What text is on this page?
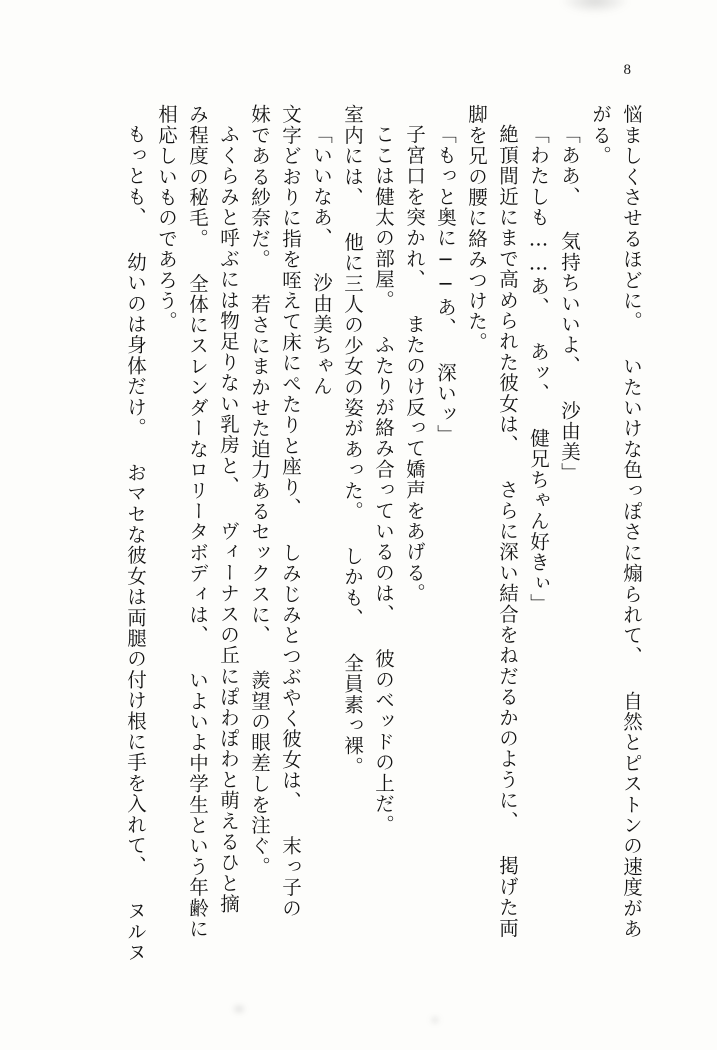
8
悩ましくさせるほどに。 いたいけな色っぽさに煽られて、 自然とピストンの速度があ
がる。
「ああ、 気持ちいいよ、 沙由美」
「わたしも……あ、 あッ、 健兄ちゃん好きぃ」
絶頂間近にまで高められた彼女は、 さらに深い結合をねだるかのように、 掲げた両
脚を兄の腰に絡みつけた。
「もっと奥に──あ、 深いッ」
子宮口を突かれ、 またのけ反って嬌声をあげる。
ここは健太の部屋。 ふたりが絡み合っているのは、 彼のベッドの上だ。
室内には、 他に三人の少女の姿があった。 しかも、 全員素っ裸。
「いいなあ、 沙由美ちゃん
文字どおりに指を咥えて床にぺたりと座り、 しみじみとつぶやく彼女は、 末っ子の
妹である紗奈だ。 若さにまかせた迫力あるセックスに、 羨望の眼差しを注ぐ。
ふくらみと呼ぶには物足りない乳房と、 ヴィーナスの丘にぽわぽわと萌えるひと摘
み程度の秘毛。 全体にスレンダーなロリータボディは、 いよいよ中学生という年齢に
相応しいものであろう。
もっとも、 幼いのは身体だけ。 おマセな彼女は両腿の付け根に手を入れて、 ヌルヌ
